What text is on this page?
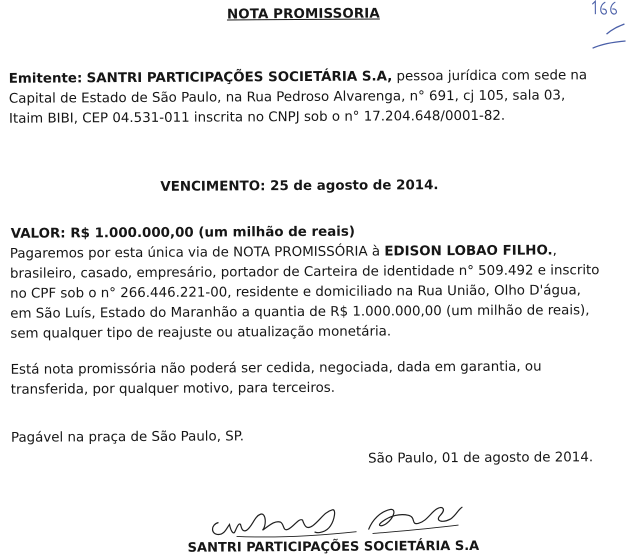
NOTA PROMISSORIA

Emitente: SANTRI PARTICIPAÇÕES SOCIETÁRIA S.A, pessoa jurídica com sede na Capital de Estado de São Paulo, na Rua Pedroso Alvarenga, n° 691, cj 105, sala 03, Itaim BIBI, CEP 04.531-011 inscrita no CNPJ sob o n° 17.204.648/0001-82.

VENCIMENTO: 25 de agosto de 2014.
VALOR: R$ 1.000.000,00 (um milhão de reais)

Pagaremos por esta única via de NOTA PROMISSÓRIA à EDISON LOBAO FILHO., brasileiro, casado, empresário, portador de Carteira de identidade n° 509.492 e inscrito no CPF sob o n° 266.446.221-00, residente e domiciliado na Rua União, Olho D'água, em São Luís, Estado do Maranhão a quantia de R$ 1.000.000,00 (um milhão de reais), sem qualquer tipo de reajuste ou atualização monetária.

Está nota promissória não poderá ser cedida, negociada, dada em garantia, ou transferida, por qualquer motivo, para terceiros.

Pagável na praça de São Paulo, SP.

São Paulo, 01 de agosto de 2014.
SANTRI PARTICIPAÇÕES SOCIETÁRIA S.A
